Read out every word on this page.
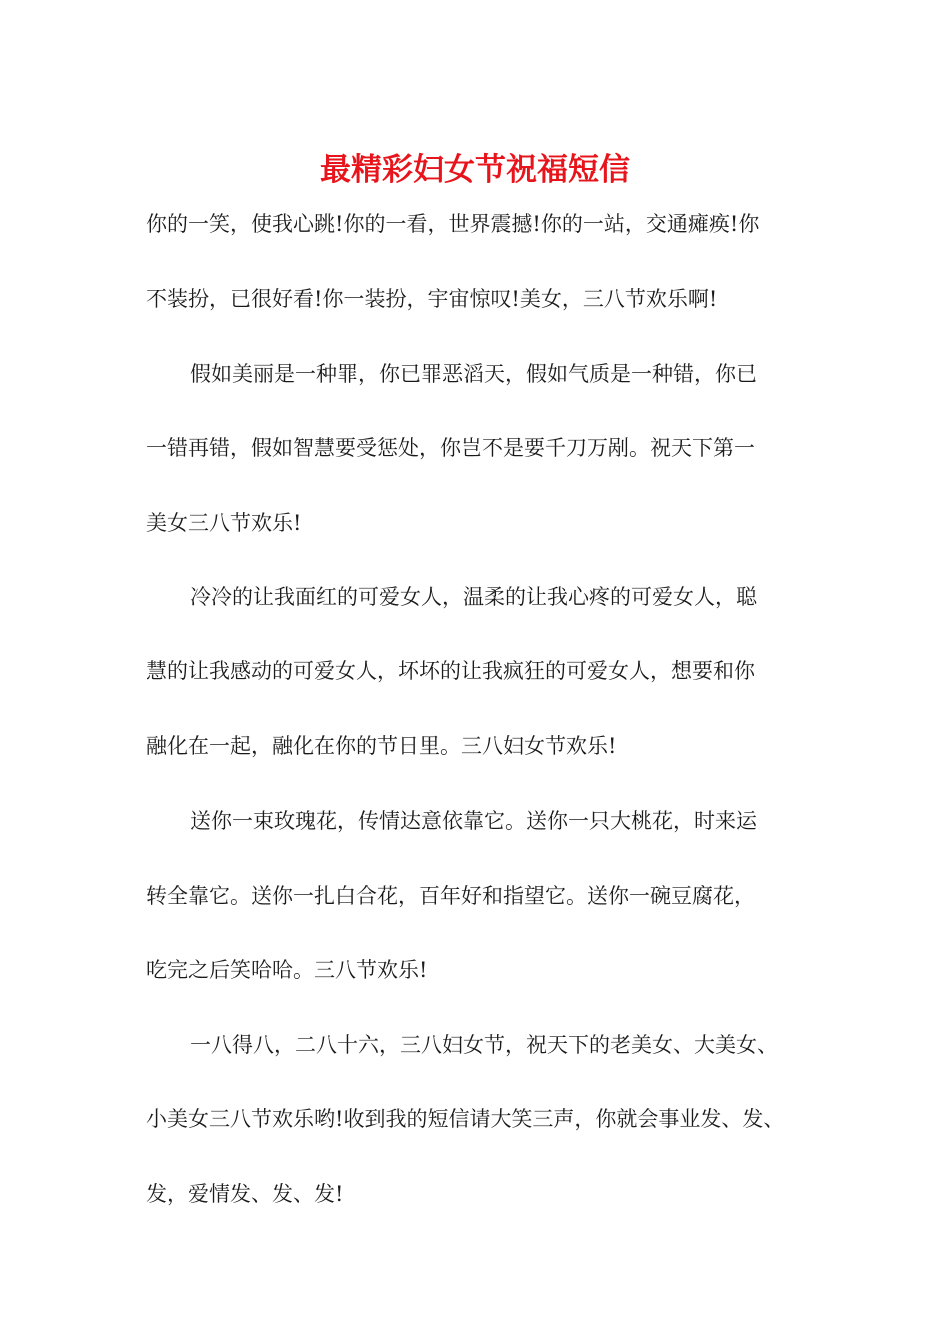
最精彩妇女节祝福短信

你的一笑，使我心跳!你的一看，世界震撼!你的一站，交通瘫痪!你

不装扮，已很好看!你一装扮，宇宙惊叹!美女，三八节欢乐啊!

假如美丽是一种罪，你已罪恶滔天，假如气质是一种错，你已

一错再错，假如智慧要受惩处，你岂不是要千刀万剐。祝天下第一

美女三八节欢乐!

冷冷的让我面红的可爱女人，温柔的让我心疼的可爱女人，聪

慧的让我感动的可爱女人，坏坏的让我疯狂的可爱女人，想要和你

融化在一起，融化在你的节日里。三八妇女节欢乐!

送你一束玫瑰花，传情达意依靠它。送你一只大桃花，时来运

转全靠它。送你一扎白合花，百年好和指望它。送你一碗豆腐花，

吃完之后笑哈哈。三八节欢乐!

一八得八，二八十六，三八妇女节，祝天下的老美女、大美女、

小美女三八节欢乐哟!收到我的短信请大笑三声，你就会事业发、发、

发，爱情发、发、发!
